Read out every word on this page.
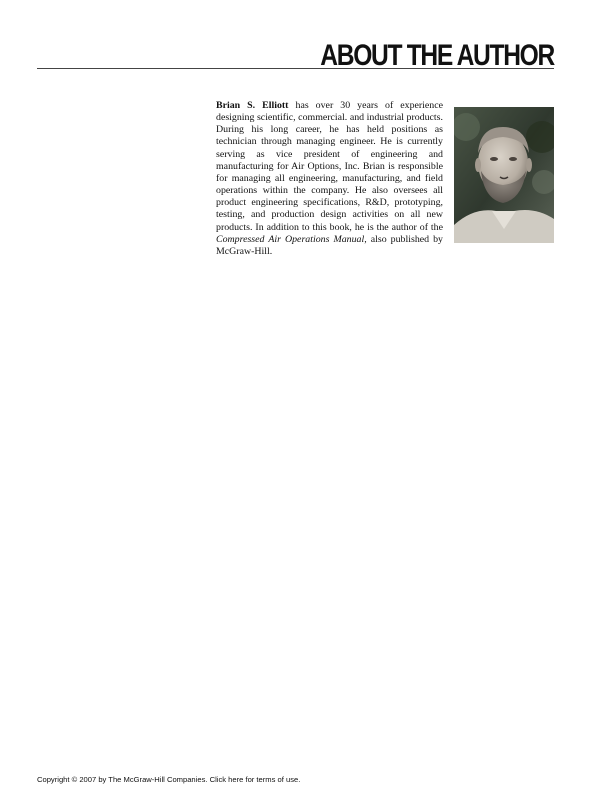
ABOUT THE AUTHOR

Brian S. Elliott has over 30 years of experience designing scientific, commercial. and industrial products. During his long career, he has held positions as technician through managing engineer. He is currently serving as vice president of engineering and manufacturing for Air Options, Inc. Brian is responsible for managing all engineering, manufacturing, and field operations within the company. He also oversees all product engineering specifications, R&D, prototyping, testing, and production design activities on all new products. In addition to this book, he is the author of the Compressed Air Operations Manual, also published by McGraw-Hill.

Copyright © 2007 by The McGraw-Hill Companies. Click here for terms of use.
